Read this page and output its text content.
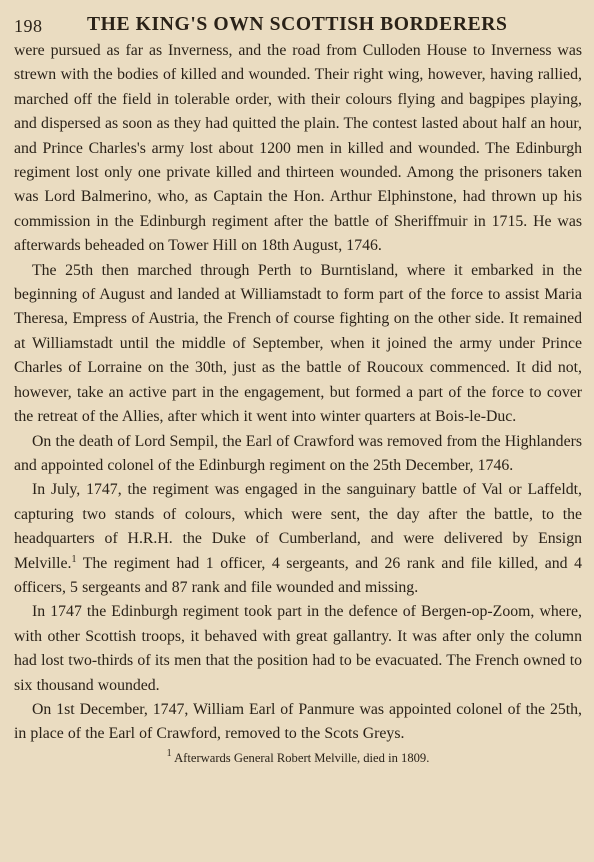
198 THE KING'S OWN SCOTTISH BORDERERS

were pursued as far as Inverness, and the road from Culloden House to Inverness was strewn with the bodies of killed and wounded. Their right wing, however, having rallied, marched off the field in tolerable order, with their colours flying and bagpipes playing, and dispersed as soon as they had quitted the plain. The contest lasted about half an hour, and Prince Charles's army lost about 1200 men in killed and wounded. The Edinburgh regiment lost only one private killed and thirteen wounded. Among the prisoners taken was Lord Balmerino, who, as Captain the Hon. Arthur Elphinstone, had thrown up his commission in the Edinburgh regiment after the battle of Sheriffmuir in 1715. He was afterwards beheaded on Tower Hill on 18th August, 1746.

The 25th then marched through Perth to Burntisland, where it embarked in the beginning of August and landed at Williamstadt to form part of the force to assist Maria Theresa, Empress of Austria, the French of course fighting on the other side. It remained at Williamstadt until the middle of September, when it joined the army under Prince Charles of Lorraine on the 30th, just as the battle of Roucoux commenced. It did not, however, take an active part in the engagement, but formed a part of the force to cover the retreat of the Allies, after which it went into winter quarters at Bois-le-Duc.

On the death of Lord Sempil, the Earl of Crawford was removed from the Highlanders and appointed colonel of the Edinburgh regiment on the 25th December, 1746.

In July, 1747, the regiment was engaged in the sanguinary battle of Val or Laffeldt, capturing two stands of colours, which were sent, the day after the battle, to the headquarters of H.R.H. the Duke of Cumberland, and were delivered by Ensign Melville.$^1$ The regiment had 1 officer, 4 sergeants, and 26 rank and file killed, and 4 officers, 5 sergeants and 87 rank and file wounded and missing.

In 1747 the Edinburgh regiment took part in the defence of Bergen-op-Zoom, where, with other Scottish troops, it behaved with great gallantry. It was after only the column had lost two-thirds of its men that the position had to be evacuated. The French owned to six thousand wounded.

On 1st December, 1747, William Earl of Panmure was appointed colonel of the 25th, in place of the Earl of Crawford, removed to the Scots Greys.

$^1$ Afterwards General Robert Melville, died in 1809.
